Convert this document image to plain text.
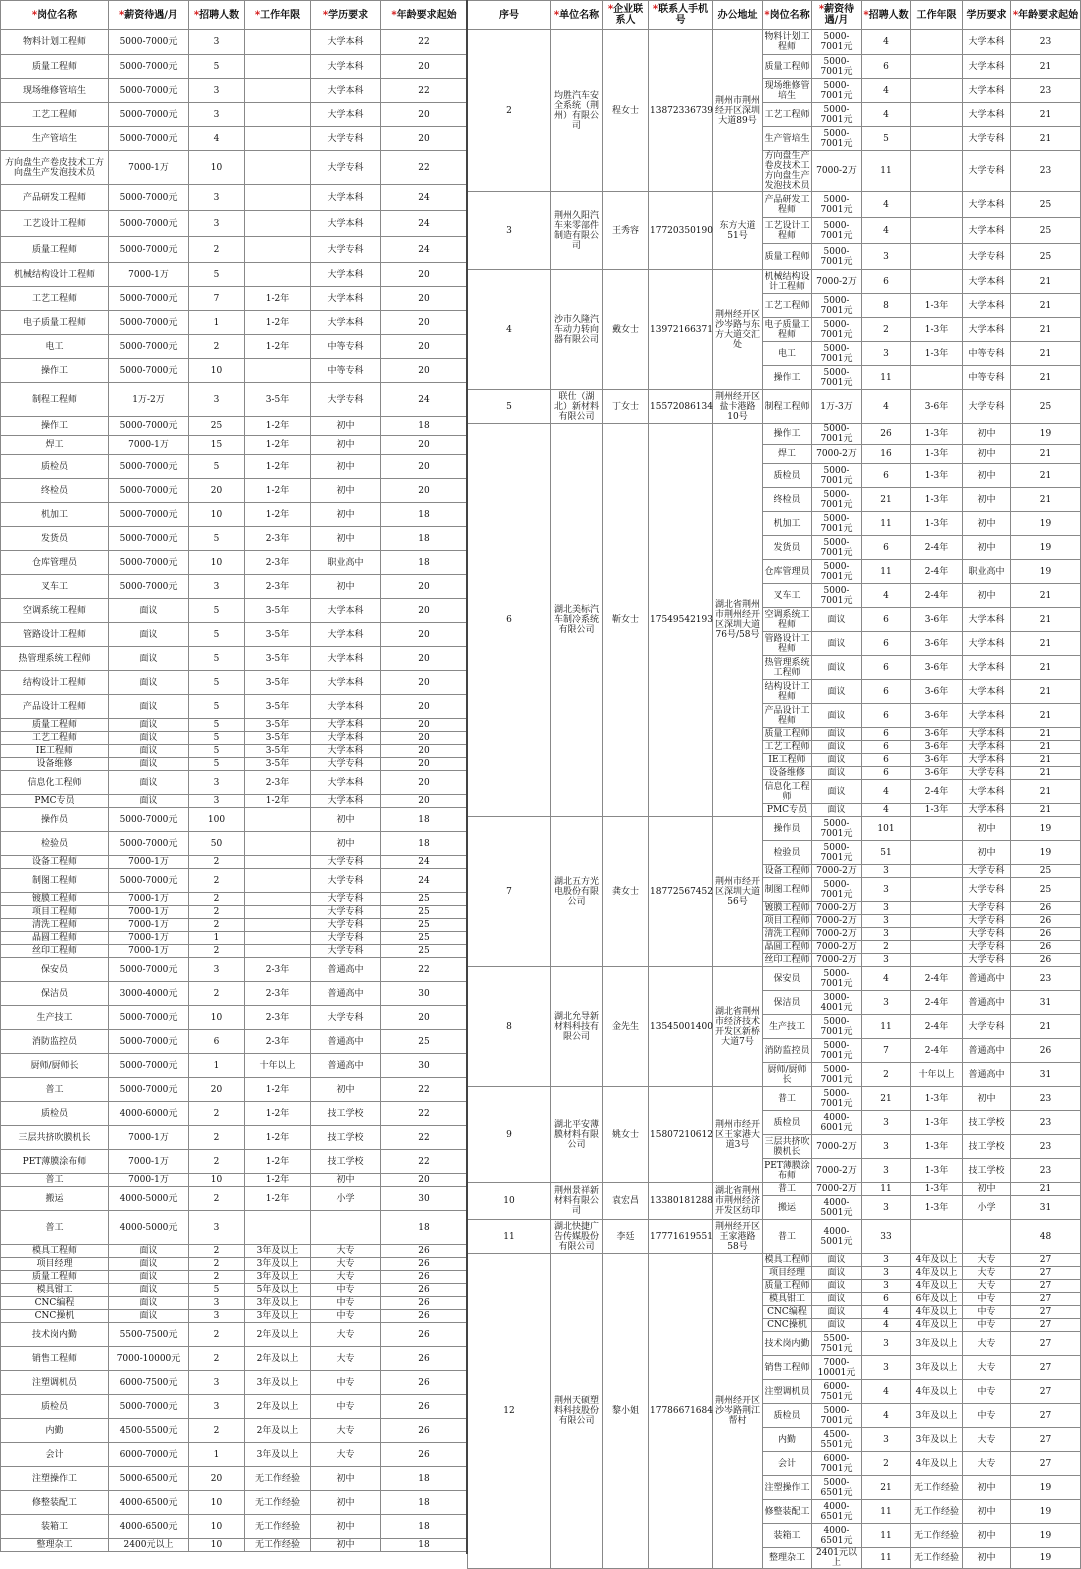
*岗位名称	*薪资待遇/月	*招聘人数	*工作年限	*学历要求	*年龄要求起始
物料计划工程师	5000-7000元	3		大学本科	22
质量工程师	5000-7000元	5		大学本科	20
现场维修管培生	5000-7000元	3		大学本科	22
工艺工程师	5000-7000元	3		大学本科	20
生产管培生	5000-7000元	4		大学专科	20
方向盘生产卷皮技术工方向盘生产发泡技术员	7000-1万	10		大学专科	22
产品研发工程师	5000-7000元	3		大学本科	24
工艺设计工程师	5000-7000元	3		大学本科	24
质量工程师	5000-7000元	2		大学专科	24
机械结构设计工程师	7000-1万	5		大学本科	20
工艺工程师	5000-7000元	7	1-2年	大学本科	20
电子质量工程师	5000-7000元	1	1-2年	大学本科	20
电工	5000-7000元	2	1-2年	中等专科	20
操作工	5000-7000元	10		中等专科	20
制程工程师	1万-2万	3	3-5年	大学专科	24
操作工	5000-7000元	25	1-2年	初中	18
焊工	7000-1万	15	1-2年	初中	20
质检员	5000-7000元	5	1-2年	初中	20
终检员	5000-7000元	20	1-2年	初中	20
机加工	5000-7000元	10	1-2年	初中	18
发货员	5000-7000元	5	2-3年	初中	18
仓库管理员	5000-7000元	10	2-3年	职业高中	18
叉车工	5000-7000元	3	2-3年	初中	20
空调系统工程师	面议	5	3-5年	大学本科	20
管路设计工程师	面议	5	3-5年	大学本科	20
热管理系统工程师	面议	5	3-5年	大学本科	20
结构设计工程师	面议	5	3-5年	大学本科	20
产品设计工程师	面议	5	3-5年	大学本科	20
质量工程师	面议	5	3-5年	大学本科	20
工艺工程师	面议	5	3-5年	大学本科	20
IE工程师	面议	5	3-5年	大学本科	20
设备维修	面议	5	3-5年	大学专科	20
信息化工程师	面议	3	2-3年	大学本科	20
PMC专员	面议	3	1-2年	大学本科	20
操作员	5000-7000元	100		初中	18
检验员	5000-7000元	50		初中	18
设备工程师	7000-1万	2		大学专科	24
制图工程师	5000-7000元	2		大学专科	24
镀膜工程师	7000-1万	2		大学专科	25
项目工程师	7000-1万	2		大学专科	25
清洗工程师	7000-1万	2		大学专科	25
晶圆工程师	7000-1万	1		大学专科	25
丝印工程师	7000-1万	2		大学专科	25
保安员	5000-7000元	3	2-3年	普通高中	22
保洁员	3000-4000元	2	2-3年	普通高中	30
生产技工	5000-7000元	10	2-3年	大学专科	20
消防监控员	5000-7000元	6	2-3年	普通高中	25
厨师/厨师长	5000-7000元	1	十年以上	普通高中	30
普工	5000-7000元	20	1-2年	初中	22
质检员	4000-6000元	2	1-2年	技工学校	22
三层共挤吹膜机长	7000-1万	2	1-2年	技工学校	22
PET薄膜涂布师	7000-1万	2	1-2年	技工学校	22
普工	7000-1万	10	1-2年	初中	20
搬运	4000-5000元	2	1-2年	小学	30
普工	4000-5000元	3			18
模具工程师	面议	2	3年及以上	大专	26
项目经理	面议	2	3年及以上	大专	26
质量工程师	面议	2	3年及以上	大专	26
模具钳工	面议	5	5年及以上	中专	26
CNC编程	面议	3	3年及以上	中专	26
CNC操机	面议	3	3年及以上	中专	26
技术岗内勤	5500-7500元	2	2年及以上	大专	26
销售工程师	7000-10000元	2	2年及以上	大专	26
注塑调机员	6000-7500元	3	3年及以上	中专	26
质检员	5000-7000元	3	2年及以上	中专	26
内勤	4500-5500元	2	2年及以上	大专	26
会计	6000-7000元	1	3年及以上	大专	26
注塑操作工	5000-6500元	20	无工作经验	初中	18
修整装配工	4000-6500元	10	无工作经验	初中	18
装箱工	4000-6500元	10	无工作经验	初中	18
整理杂工	2400元以上	10	无工作经验	初中	18
序号	*单位名称	*企业联系人	*联系人手机号	办公地址	*岗位名称	*薪资待遇/月	*招聘人数	工作年限	学历要求	*年龄要求起始
2	均胜汽车安全系统（荆州）有限公司	程女士	13872336739	荆州市荆州经开区深圳大道89号	物料计划工程师	5000-7001元	4		大学本科	23
					质量工程师	5000-7001元	6		大学本科	21
					现场维修管培生	5000-7001元	4		大学本科	23
					工艺工程师	5000-7001元	4		大学本科	21
					生产管培生	5000-7001元	5		大学专科	21
					方向盘生产卷皮技术工方向盘生产发泡技术员	7000-2万	11		大学专科	23
3	荆州久阳汽车来零部件制造有限公司	王秀容	17720350190	东方大道51号	产品研发工程师	5000-7001元	4		大学本科	25
					工艺设计工程师	5000-7001元	4		大学本科	25
					质量工程师	5000-7001元	3		大学专科	25
4	沙市久隆汽车动力转向器有限公司	戴女士	13972166371	荆州经开区沙岑路与东方大道交汇处	机械结构设计工程师	7000-2万	6		大学本科	21
					工艺工程师	5000-7001元	8	1-3年	大学本科	21
					电子质量工程师	5000-7001元	2	1-3年	大学本科	21
					电工	5000-7001元	3	1-3年	中等专科	21
					操作工	5000-7001元	11		中等专科	21
5	联仕（湖北）新材料有限公司	丁女士	15572086134	荆州经开区盐卡港路10号	制程工程师	1万-3万	4	3-6年	大学专科	25
6	湖北美标汽车制冷系统有限公司	靳女士	17549542193	湖北省荆州市荆州经开区深圳大道76号/58号	操作工	5000-7001元	26	1-3年	初中	19
					焊工	7000-2万	16	1-3年	初中	21
					质检员	5000-7001元	6	1-3年	初中	21
					终检员	5000-7001元	21	1-3年	初中	21
					机加工	5000-7001元	11	1-3年	初中	19
					发货员	5000-7001元	6	2-4年	初中	19
					仓库管理员	5000-7001元	11	2-4年	职业高中	19
					叉车工	5000-7001元	4	2-4年	初中	21
					空调系统工程师	面议	6	3-6年	大学本科	21
					管路设计工程师	面议	6	3-6年	大学本科	21
					热管理系统工程师	面议	6	3-6年	大学本科	21
					结构设计工程师	面议	6	3-6年	大学本科	21
					产品设计工程师	面议	6	3-6年	大学本科	21
					质量工程师	面议	6	3-6年	大学本科	21
					工艺工程师	面议	6	3-6年	大学本科	21
					IE工程师	面议	6	3-6年	大学本科	21
					设备维修	面议	6	3-6年	大学专科	21
					信息化工程师	面议	4	2-4年	大学本科	21
					PMC专员	面议	4	1-3年	大学本科	21
7	湖北五方光电股份有限公司	龚女士	18772567452	荆州市经开区深圳大道56号	操作员	5000-7001元	101		初中	19
					检验员	5000-7001元	51		初中	19
					设备工程师	7000-2万	3		大学专科	25
					制图工程师	5000-7001元	3		大学专科	25
					镀膜工程师	7000-2万	3		大学专科	26
					项目工程师	7000-2万	3		大学专科	26
					清洗工程师	7000-2万	3		大学专科	26
					晶圆工程师	7000-2万	2		大学专科	26
					丝印工程师	7000-2万	3		大学专科	26
8	湖北允导新材料科技有限公司	金先生	13545001400	湖北省荆州市经济技术开发区新桥大道7号	保安员	5000-7001元	4	2-4年	普通高中	23
					保洁员	3000-4001元	3	2-4年	普通高中	31
					生产技工	5000-7001元	11	2-4年	大学专科	21
					消防监控员	5000-7001元	7	2-4年	普通高中	26
					厨师/厨师长	5000-7001元	2	十年以上	普通高中	31
9	湖北平安薄膜材料有限公司	姚女士	15807210612	荆州市经开区王家港大道3号	普工	5000-7001元	21	1-3年	初中	23
					质检员	4000-6001元	3	1-3年	技工学校	23
					三层共挤吹膜机长	7000-2万	3	1-3年	技工学校	23
					PET薄膜涂布师	7000-2万	3	1-3年	技工学校	23
10	荆州景祥新材料有限公司	袁宏昌	13380181288	湖北省荆州市荆州经济开发区纺印	普工	7000-2万	11	1-3年	初中	21
					搬运	4000-5001元	3	1-3年	小学	31
11	湖北快捷广告传媒股份有限公司	李廷	17771619551	荆州经开区王家港路58号	普工	4000-5001元	33			48
12	荆州天硕塑料科技股份有限公司	黎小姐	17786671684	荆州经开区沙岑路荆江帮村	模具工程师	面议	3	4年及以上	大专	27
					项目经理	面议	3	4年及以上	大专	27
					质量工程师	面议	3	4年及以上	大专	27
					模具钳工	面议	6	6年及以上	中专	27
					CNC编程	面议	4	4年及以上	中专	27
					CNC操机	面议	4	4年及以上	中专	27
					技术岗内勤	5500-7501元	3	3年及以上	大专	27
					销售工程师	7000-10001元	3	3年及以上	大专	27
					注塑调机员	6000-7501元	4	4年及以上	中专	27
					质检员	5000-7001元	4	3年及以上	中专	27
					内勤	4500-5501元	3	3年及以上	大专	27
					会计	6000-7001元	2	4年及以上	大专	27
					注塑操作工	5000-6501元	21	无工作经验	初中	19
					修整装配工	4000-6501元	11	无工作经验	初中	19
					装箱工	4000-6501元	11	无工作经验	初中	19
					整理杂工	2401元以上	11	无工作经验	初中	19
